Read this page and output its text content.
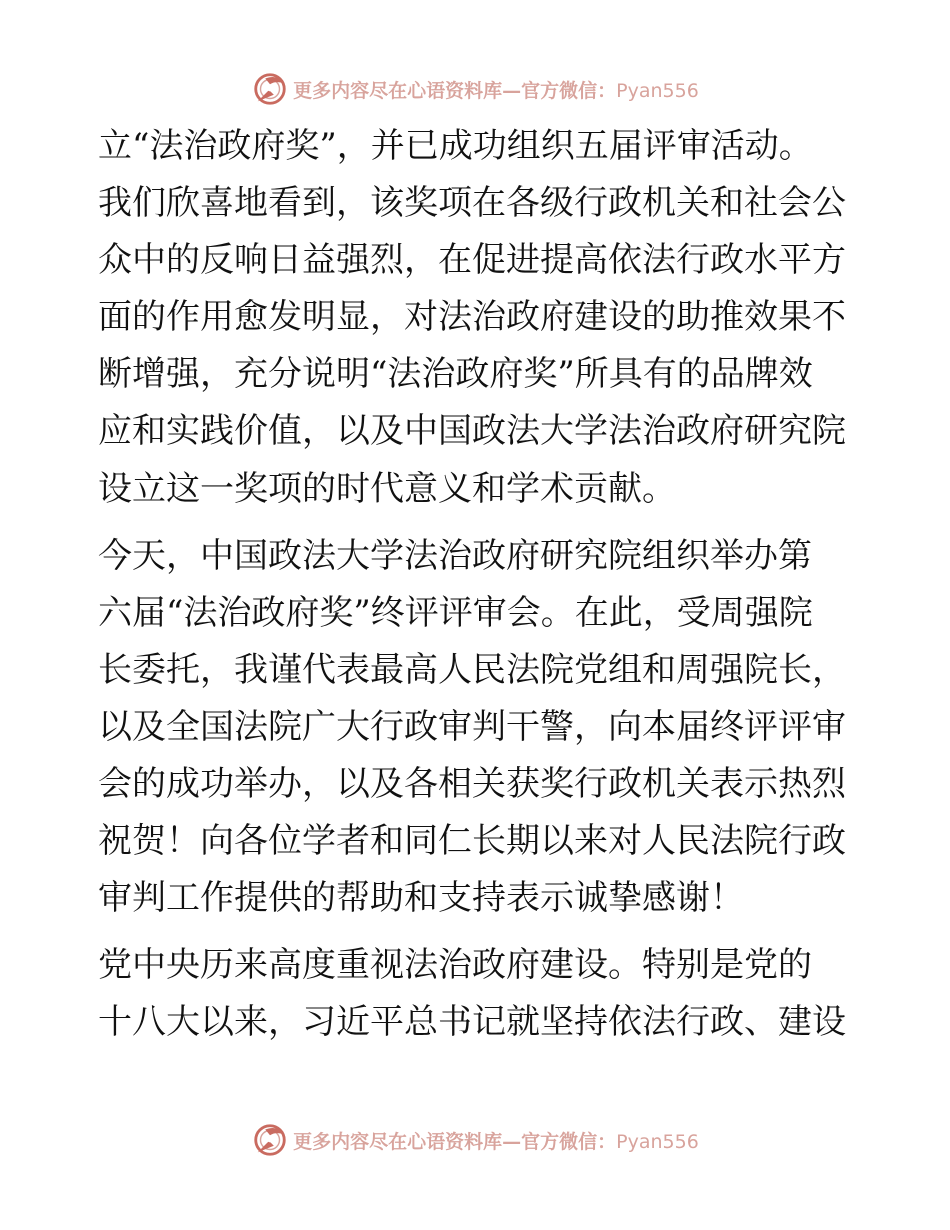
更多内容尽在心语资料库—官方微信：Pyan556

立“法治政府奖”，并已成功组织五届评审活动。
我们欣喜地看到，该奖项在各级行政机关和社会公
众中的反响日益强烈，在促进提高依法行政水平方
面的作用愈发明显，对法治政府建设的助推效果不
断增强，充分说明“法治政府奖”所具有的品牌效
应和实践价值，以及中国政法大学法治政府研究院
设立这一奖项的时代意义和学术贡献。

今天，中国政法大学法治政府研究院组织举办第
六届“法治政府奖”终评评审会。在此，受周强院
长委托，我谨代表最高人民法院党组和周强院长，
以及全国法院广大行政审判干警，向本届终评评审
会的成功举办，以及各相关获奖行政机关表示热烈
祝贺！向各位学者和同仁长期以来对人民法院行政
审判工作提供的帮助和支持表示诚挚感谢！

党中央历来高度重视法治政府建设。特别是党的
十八大以来，习近平总书记就坚持依法行政、建设

更多内容尽在心语资料库—官方微信：Pyan556
